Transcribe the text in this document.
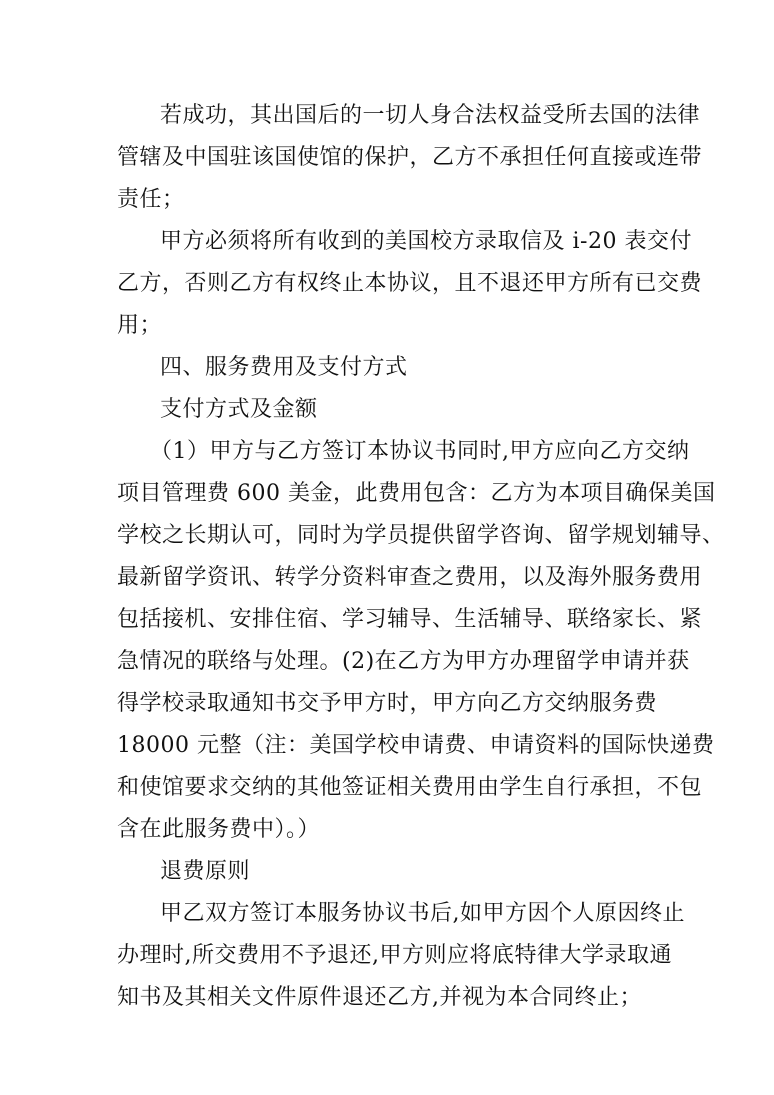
若成功，其出国后的一切人身合法权益受所去国的法律
管辖及中国驻该国使馆的保护，乙方不承担任何直接或连带
责任；
甲方必须将所有收到的美国校方录取信及 i-20 表交付
乙方，否则乙方有权终止本协议，且不退还甲方所有已交费
用；
四、服务费用及支付方式
支付方式及金额
（1）甲方与乙方签订本协议书同时,甲方应向乙方交纳
项目管理费 600 美金，此费用包含：乙方为本项目确保美国
学校之长期认可，同时为学员提供留学咨询、留学规划辅导、
最新留学资讯、转学分资料审查之费用，以及海外服务费用
包括接机、安排住宿、学习辅导、生活辅导、联络家长、紧
急情况的联络与处理。(2)在乙方为甲方办理留学申请并获
得学校录取通知书交予甲方时，甲方向乙方交纳服务费
18000 元整（注：美国学校申请费、申请资料的国际快递费
和使馆要求交纳的其他签证相关费用由学生自行承担，不包
含在此服务费中）。）
退费原则
甲乙双方签订本服务协议书后,如甲方因个人原因终止
办理时,所交费用不予退还,甲方则应将底特律大学录取通
知书及其相关文件原件退还乙方,并视为本合同终止；
